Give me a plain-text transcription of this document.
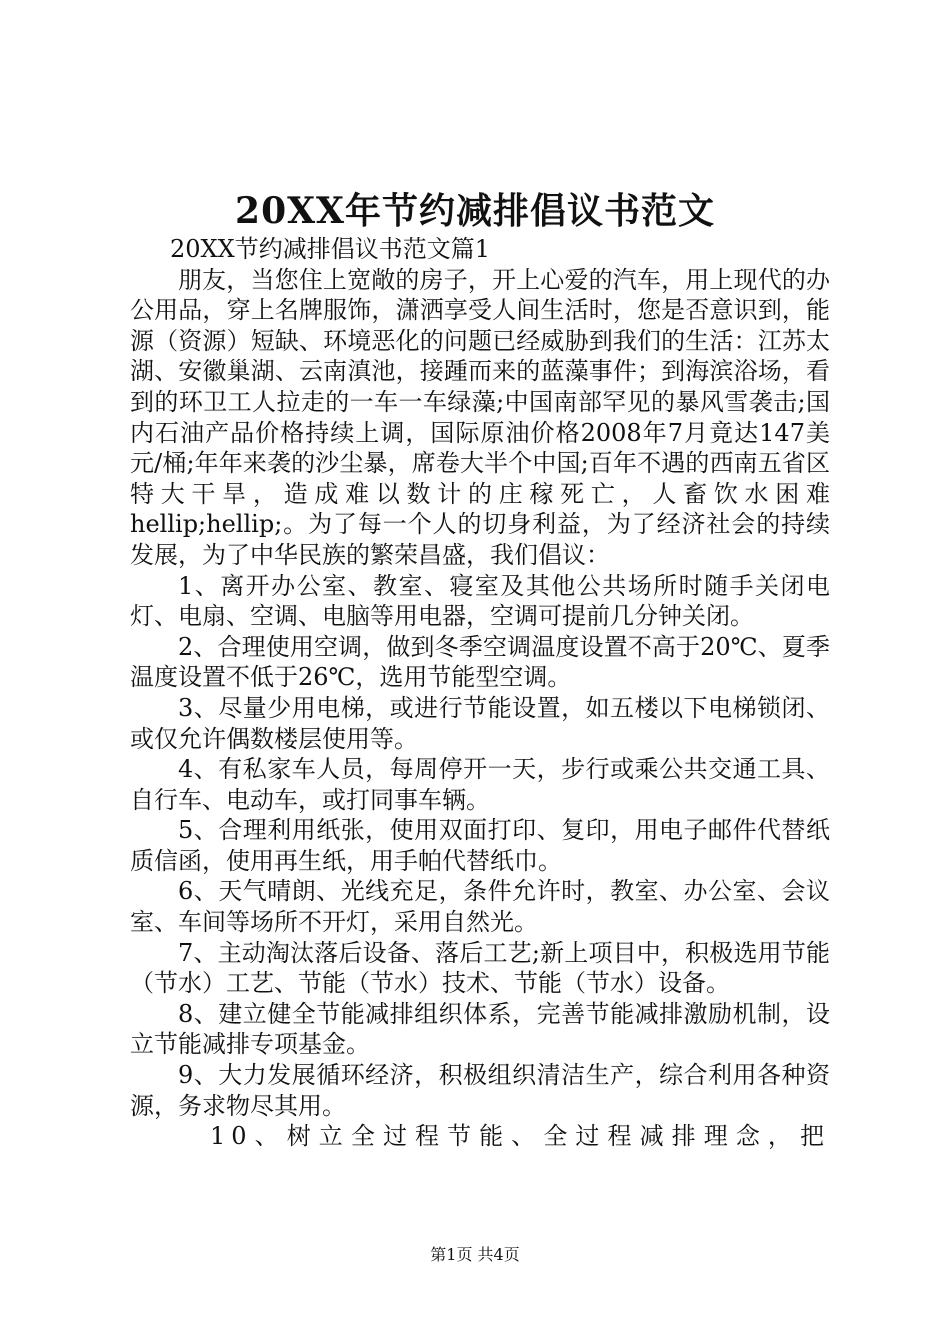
20XX年节约减排倡议书范文

20XX节约减排倡议书范文篇1

朋友，当您住上宽敞的房子，开上心爱的汽车，用上现代的办公用品，穿上名牌服饰，潇洒享受人间生活时，您是否意识到，能源（资源）短缺、环境恶化的问题已经威胁到我们的生活：江苏太湖、安徽巢湖、云南滇池，接踵而来的蓝藻事件；到海滨浴场，看到的环卫工人拉走的一车一车绿藻;中国南部罕见的暴风雪袭击;国内石油产品价格持续上调，国际原油价格2008年7月竟达147美元/桶;年年来袭的沙尘暴，席卷大半个中国;百年不遇的西南五省区特大干旱，造成难以数计的庄稼死亡，人畜饮水困难hellip;hellip;。为了每一个人的切身利益，为了经济社会的持续发展，为了中华民族的繁荣昌盛，我们倡议：

1、离开办公室、教室、寝室及其他公共场所时随手关闭电灯、电扇、空调、电脑等用电器，空调可提前几分钟关闭。

2、合理使用空调，做到冬季空调温度设置不高于20℃、夏季温度设置不低于26℃，选用节能型空调。

3、尽量少用电梯，或进行节能设置，如五楼以下电梯锁闭、或仅允许偶数楼层使用等。

4、有私家车人员，每周停开一天，步行或乘公共交通工具、自行车、电动车，或打同事车辆。

5、合理利用纸张，使用双面打印、复印，用电子邮件代替纸质信函，使用再生纸，用手帕代替纸巾。

6、天气晴朗、光线充足，条件允许时，教室、办公室、会议室、车间等场所不开灯，采用自然光。

7、主动淘汰落后设备、落后工艺;新上项目中，积极选用节能（节水）工艺、节能（节水）技术、节能（节水）设备。

8、建立健全节能减排组织体系，完善节能减排激励机制，设立节能减排专项基金。

9、大力发展循环经济，积极组织清洁生产，综合利用各种资源，务求物尽其用。

10、树立全过程节能、全过程减排理念，把

第1页 共4页
